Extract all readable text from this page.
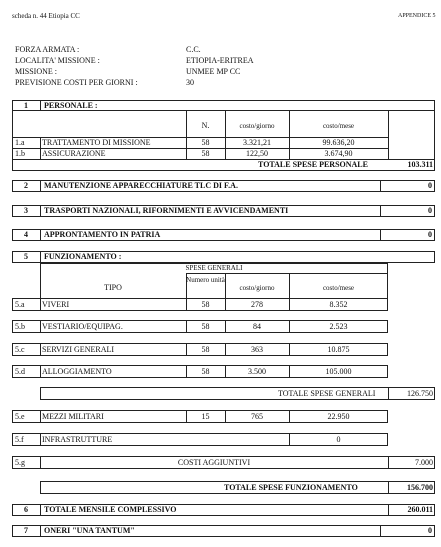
scheda n. 44 Etiopia CC	APPENDICE 5
FORZA ARMATA :	C.C.
LOCALITA' MISSIONE :	ETIOPIA-ERITREA
MISSIONE :	UNMEE MP CC
PREVISIONE COSTI PER GIORNI :	30
1	PERSONALE :
N.	costo/giorno	costo/mese
1.a TRATTAMENTO DI MISSIONE	58	3.321,21	99.636,20
1.b ASSICURAZIONE	58	122,50	3.674,90
TOTALE SPESE PERSONALE	103.311
2	MANUTENZIONE APPARECCHIATURE TLC DI F.A.	0
3	TRASPORTI NAZIONALI, RIFORNIMENTI E AVVICENDAMENTI	0
4	APPRONTAMENTO IN PATRIA	0
5	FUNZIONAMENTO :
SPESE GENERALI
TIPO
Numero unità
costo/giorno	costo/mese
5.a VIVERI	58	278	8.352
5.b VESTIARIO/EQUIPAG.	58	84	2.523
5.c SERVIZI GENERALI	58	363	10.875
5.d ALLOGGIAMENTO	58	3.500	105.000
TOTALE SPESE GENERALI	126.750
5.e MEZZI MILITARI	15	765	22.950
5.f INFRASTRUTTURE	0
5.g	COSTI AGGIUNTIVI	7.000
TOTALE SPESE FUNZIONAMENTO	156.700
6	TOTALE MENSILE COMPLESSIVO	260.011
7	ONERI "UNA TANTUM"	0
